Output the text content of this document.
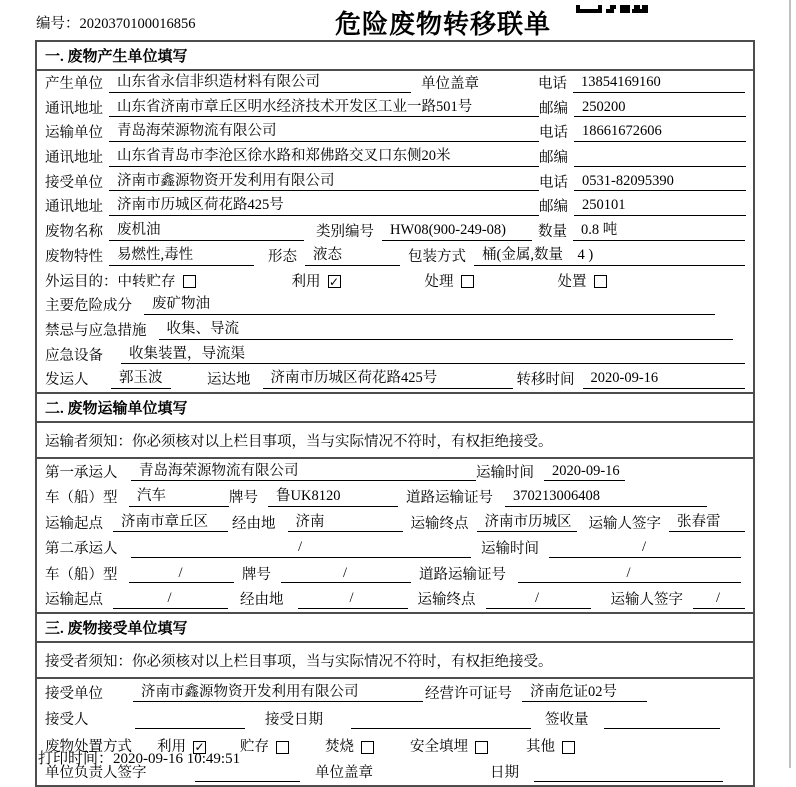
编号：2020370100016856	危险废物转移联单
一. 废物产生单位填写
产生单位 山东省永信非织造材料有限公司	单位盖章	电话 13854169160
通讯地址 山东省济南市章丘区明水经济技术开发区工业一路501号	邮编 250200
运输单位 青岛海荣源物流有限公司	电话 18661672606
通讯地址 山东省青岛市李沧区徐水路和郑佛路交叉口东侧20米	邮编
接受单位 济南市鑫源物资开发利用有限公司	电话 0531-82095390
通讯地址 济南市历城区荷花路425号	邮编 250101
废物名称 废机油	类别编号	HW08(900-249-08)	数量 0.8 吨
废物特性 易燃性,毒性	形态	液态	包装方式	桶(金属,数量　4 )
外运目的： 中转贮存	利用 ✓	处理	处置
主要危险成分	废矿物油
禁忌与应急措施	收集、导流
应急设备	收集装置，导流渠
发运人	郭玉波	运达地	济南市历城区荷花路425号	转移时间	2020-09-16
二. 废物运输单位填写
运输者须知：你必须核对以上栏目事项，当与实际情况不符时，有权拒绝接受。
第一承运人	青岛海荣源物流有限公司	运输时间	2020-09-16
车（船）型	汽车	牌号	鲁UK8120	道路运输证号	370213006408
运输起点	济南市章丘区	经由地	济南	运输终点	济南市历城区	运输人签字	张春雷
第二承运人	/	运输时间	/
车（船）型	/	牌号	/	道路运输证号	/
运输起点	/	经由地	/	运输终点	/	运输人签字	/
三. 废物接受单位填写
接受者须知：你必须核对以上栏目事项，当与实际情况不符时，有权拒绝接受。
接受单位	济南市鑫源物资开发利用有限公司	经营许可证号	济南危证02号
接受人	接受日期	签收量
废物处置方式 利用 ✓ 贮存	焚烧	安全填埋	其他
单位负责人签字	单位盖章	日期
打印时间：2020-09-16 10:49:51
